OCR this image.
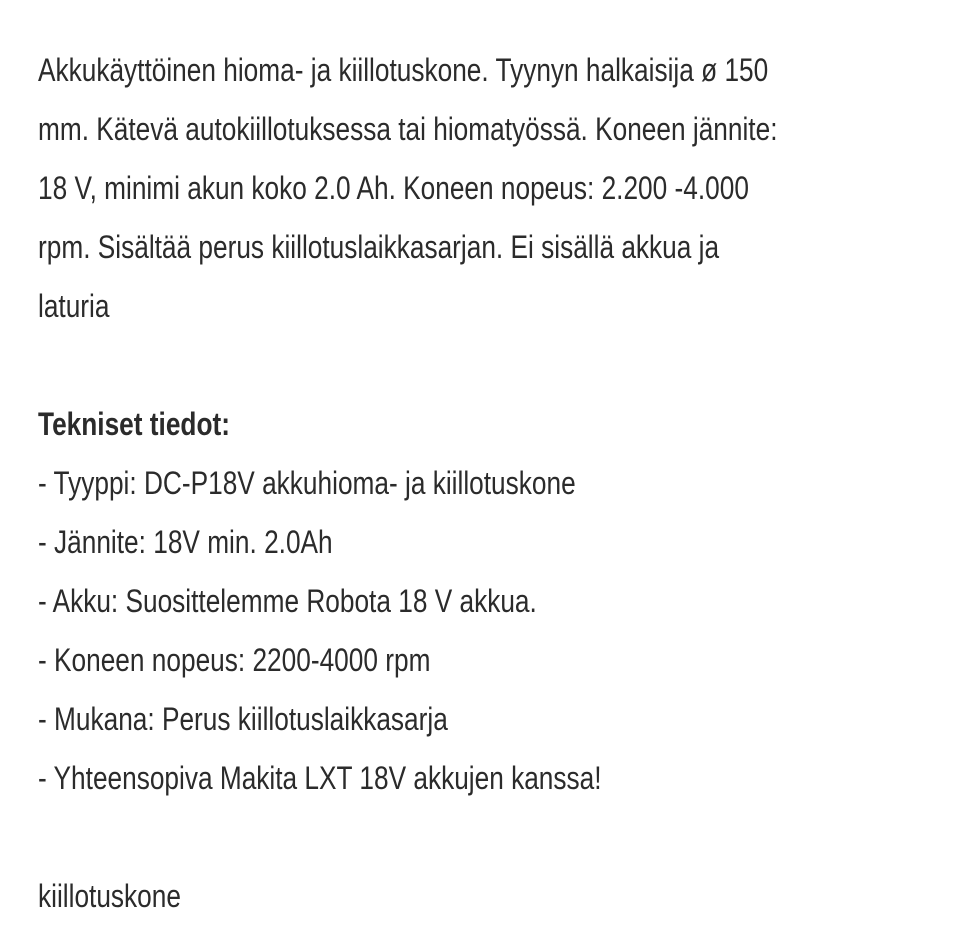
Akkukäyttöinen hioma- ja kiillotuskone. Tyynyn halkaisija ø 150
mm. Kätevä autokiillotuksessa tai hiomatyössä. Koneen jännite:
18 V, minimi akun koko 2.0 Ah. Koneen nopeus: 2.200 -4.000
rpm. Sisältää perus kiillotuslaikkasarjan. Ei sisällä akkua ja
laturia
Tekniset tiedot:
- Tyyppi: DC-P18V akkuhioma- ja kiillotuskone
- Jännite: 18V min. 2.0Ah
- Akku: Suosittelemme Robota 18 V akkua.
- Koneen nopeus: 2200-4000 rpm
- Mukana: Perus kiillotuslaikkasarja
- Yhteensopiva Makita LXT 18V akkujen kanssa!
kiillotuskone
